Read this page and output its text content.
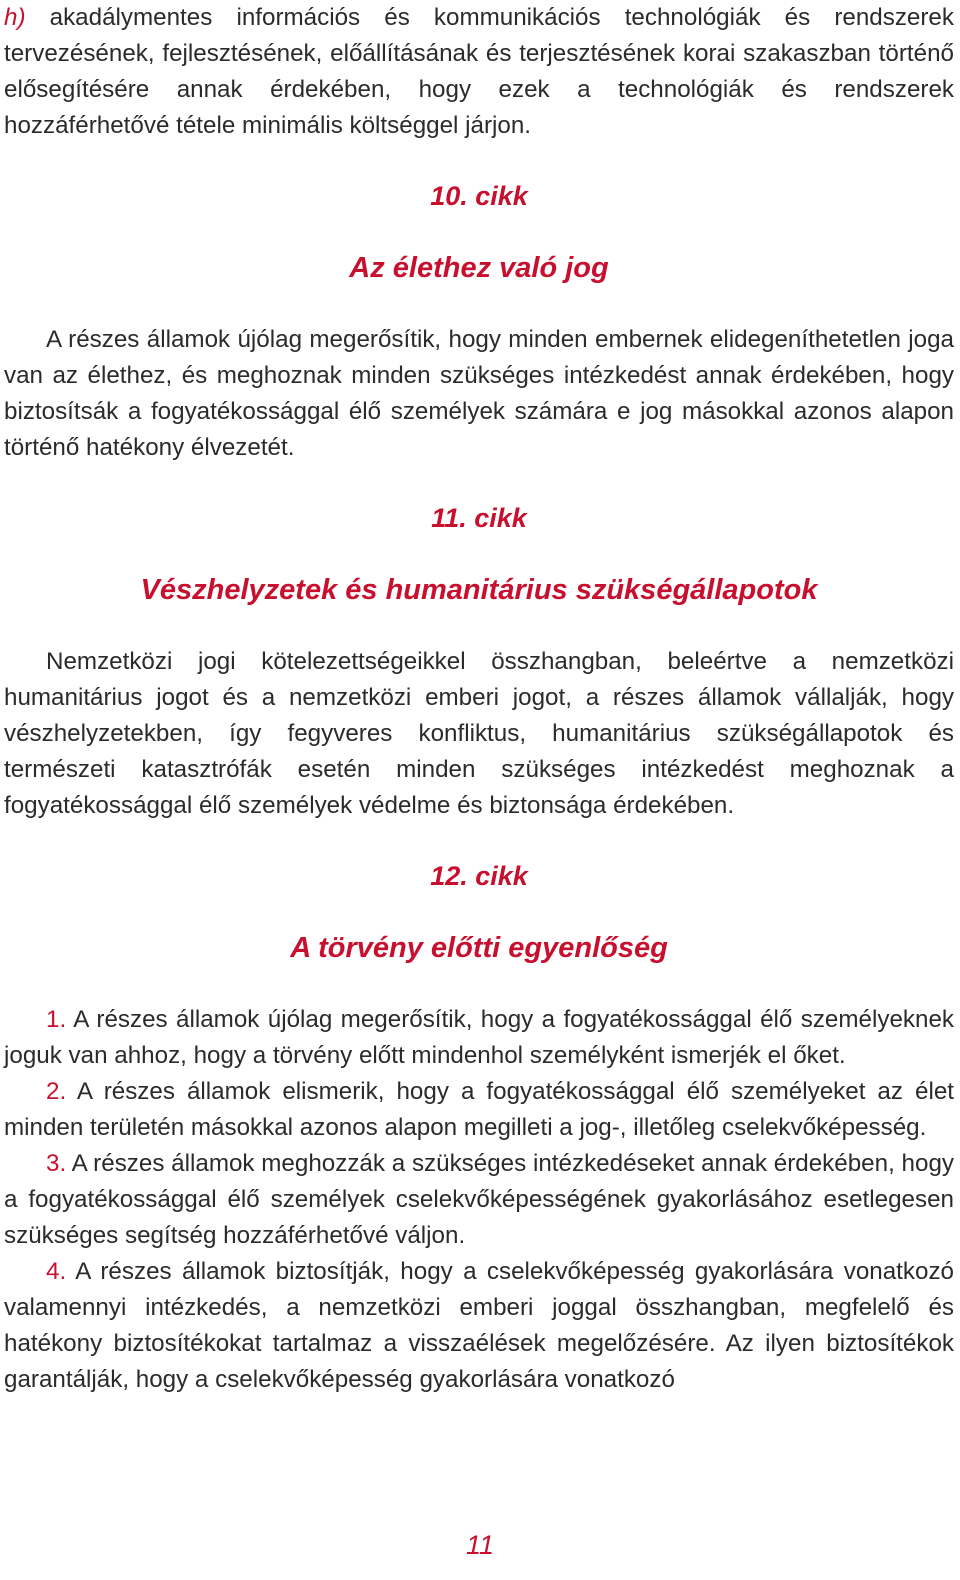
h) akadálymentes információs és kommunikációs technológiák és rendszerek tervezésének, fejlesztésének, előállításának és terjesztésének korai szakaszban történő elősegítésére annak érdekében, hogy ezek a technológiák és rendszerek hozzáférhetővé tétele minimális költséggel járjon.

10. cikk
Az élethez való jog

A részes államok újólag megerősítik, hogy minden embernek elidegeníthetetlen joga van az élethez, és meghoznak minden szükséges intézkedést annak érdekében, hogy biztosítsák a fogyatékossággal élő személyek számára e jog másokkal azonos alapon történő hatékony élvezetét.

11. cikk
Vészhelyzetek és humanitárius szükségállapotok

Nemzetközi jogi kötelezettségeikkel összhangban, beleértve a nemzetközi humanitárius jogot és a nemzetközi emberi jogot, a részes államok vállalják, hogy vészhelyzetekben, így fegyveres konfliktus, humanitárius szükségállapotok és természeti katasztrófák esetén minden szükséges intézkedést meghoznak a fogyatékossággal élő személyek védelme és biztonsága érdekében.

12. cikk
A törvény előtti egyenlőség

1. A részes államok újólag megerősítik, hogy a fogyatékossággal élő személyeknek joguk van ahhoz, hogy a törvény előtt mindenhol személyként ismerjék el őket.

2. A részes államok elismerik, hogy a fogyatékossággal élő személyeket az élet minden területén másokkal azonos alapon megilleti a jog-, illetőleg cselekvőképesség.

3. A részes államok meghozzák a szükséges intézkedéseket annak érdekében, hogy a fogyatékossággal élő személyek cselekvőképességének gyakorlásához esetlegesen szükséges segítség hozzáférhetővé váljon.

4. A részes államok biztosítják, hogy a cselekvőképesség gyakorlására vonatkozó valamennyi intézkedés, a nemzetközi emberi joggal összhangban, megfelelő és hatékony biztosítékokat tartalmaz a visszaélések megelőzésére. Az ilyen biztosítékok garantálják, hogy a cselekvőképesség gyakorlására vonatkozó

11
